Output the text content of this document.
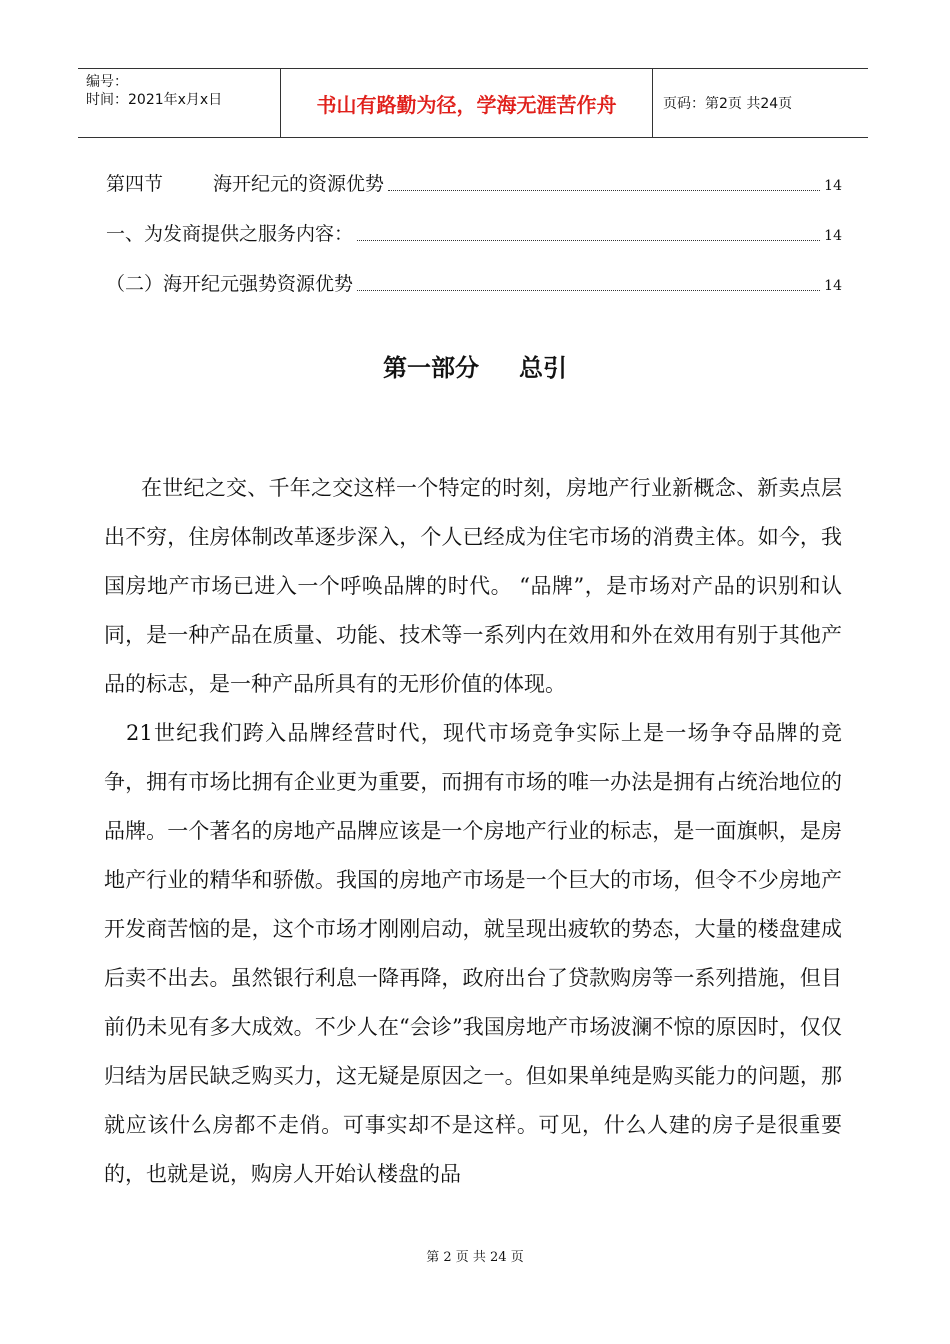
编号：
时间：2021年x月x日	书山有路勤为径，学海无涯苦作舟	页码：第2页 共24页
第四节	海开纪元的资源优势	14
一、为发商提供之服务内容：	14
（二）海开纪元强势资源优势	14
第一部分 总引

在世纪之交、千年之交这样一个特定的时刻，房地产行业新概念、新卖点层出不穷，住房体制改革逐步深入，个人已经成为住宅市场的消费主体。如今，我国房地产市场已进入一个呼唤品牌的时代。 “品牌”，是市场对产品的识别和认同，是一种产品在质量、功能、技术等一系列内在效用和外在效用有别于其他产品的标志，是一种产品所具有的无形价值的体现。

21世纪我们跨入品牌经营时代，现代市场竞争实际上是一场争夺品牌的竞争，拥有市场比拥有企业更为重要，而拥有市场的唯一办法是拥有占统治地位的品牌。一个著名的房地产品牌应该是一个房地产行业的标志，是一面旗帜，是房地产行业的精华和骄傲。我国的房地产市场是一个巨大的市场，但令不少房地产开发商苦恼的是，这个市场才刚刚启动，就呈现出疲软的势态，大量的楼盘建成后卖不出去。虽然银行利息一降再降，政府出台了贷款购房等一系列措施，但目前仍未见有多大成效。不少人在“会诊”我国房地产市场波澜不惊的原因时，仅仅归结为居民缺乏购买力，这无疑是原因之一。但如果单纯是购买能力的问题，那就应该什么房都不走俏。可事实却不是这样。可见，什么人建的房子是很重要的，也就是说，购房人开始认楼盘的品

第 2 页 共 24 页
